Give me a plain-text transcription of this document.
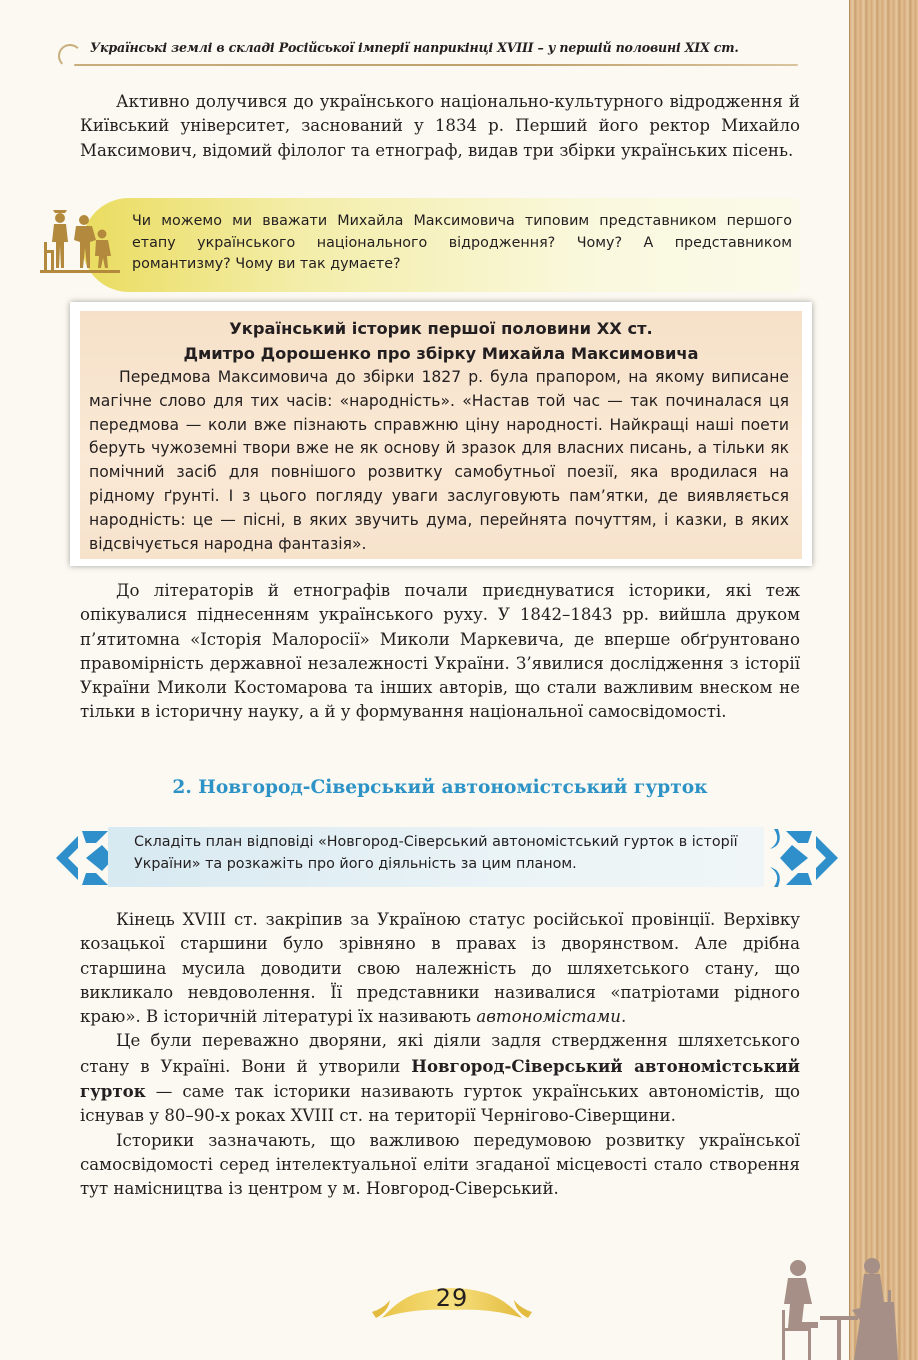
Українські землі в складі Російської імперії наприкінці XVIII – у першій половині XIX ст.

Активно долучився до українського національно-культурного відродження й Київський університет, заснований у 1834 р. Перший його ректор Михайло Максимович, відомий філолог та етнограф, видав три збірки українських пісень.

Чи можемо ми вважати Михайла Максимовича типовим представником першого етапу українського національного відродження? Чому? А представником романтизму? Чому ви так думаєте?
Український історик першої половини ХХ ст.
Дмитро Дорошенко про збірку Михайла Максимовича

Передмова Максимовича до збірки 1827 р. була прапором, на якому виписане магічне слово для тих часів: «народність». «Настав той час — так починалася ця передмова — коли вже пізнають справжню ціну народності. Найкращі наші поети беруть чужоземні твори вже не як основу й зразок для власних писань, а тільки як помічний засіб для повнішого розвитку самобутньої поезії, яка вродилася на рідному ґрунті. І з цього погляду уваги заслуговують пам’ятки, де виявляється народність: це — пісні, в яких звучить дума, перейнята почуттям, і казки, в яких відсвічується народна фантазія».

До літераторів й етнографів почали приєднуватися історики, які теж опікувалися піднесенням українського руху. У 1842–1843 рр. вийшла друком п’ятитомна «Історія Малоросії» Миколи Маркевича, де вперше обґрунтовано правомірність державної незалежності України. З’явилися дослідження з історії України Миколи Костомарова та інших авторів, що стали важливим внеском не тільки в історичну науку, а й у формування національної самосвідомості.

2. Новгород-Сіверський автономістський гурток
Складіть план відповіді «Новгород-Сіверський автономістський гурток в історії України» та розкажіть про його діяльність за цим планом.

Кінець XVIII ст. закріпив за Україною статус російської провінції. Верхівку козацької старшини було зрівняно в правах із дворянством. Але дрібна старшина мусила доводити свою належність до шляхетського стану, що викликало невдоволення. Її представники називалися «патріотами рідного краю». В історичній літературі їх називають автономістами.

Це були переважно дворяни, які діяли задля ствердження шляхетського стану в Україні. Вони й утворили Новгород-Сіверський автономістський гурток — саме так історики називають гурток українських автономістів, що існував у 80–90-х роках XVIII ст. на території Чернігово-Сіверщини.

Історики зазначають, що важливою передумовою розвитку української самосвідомості серед інтелектуальної еліти згаданої місцевості стало створення тут намісництва із центром у м. Новгород-Сіверський.

29
